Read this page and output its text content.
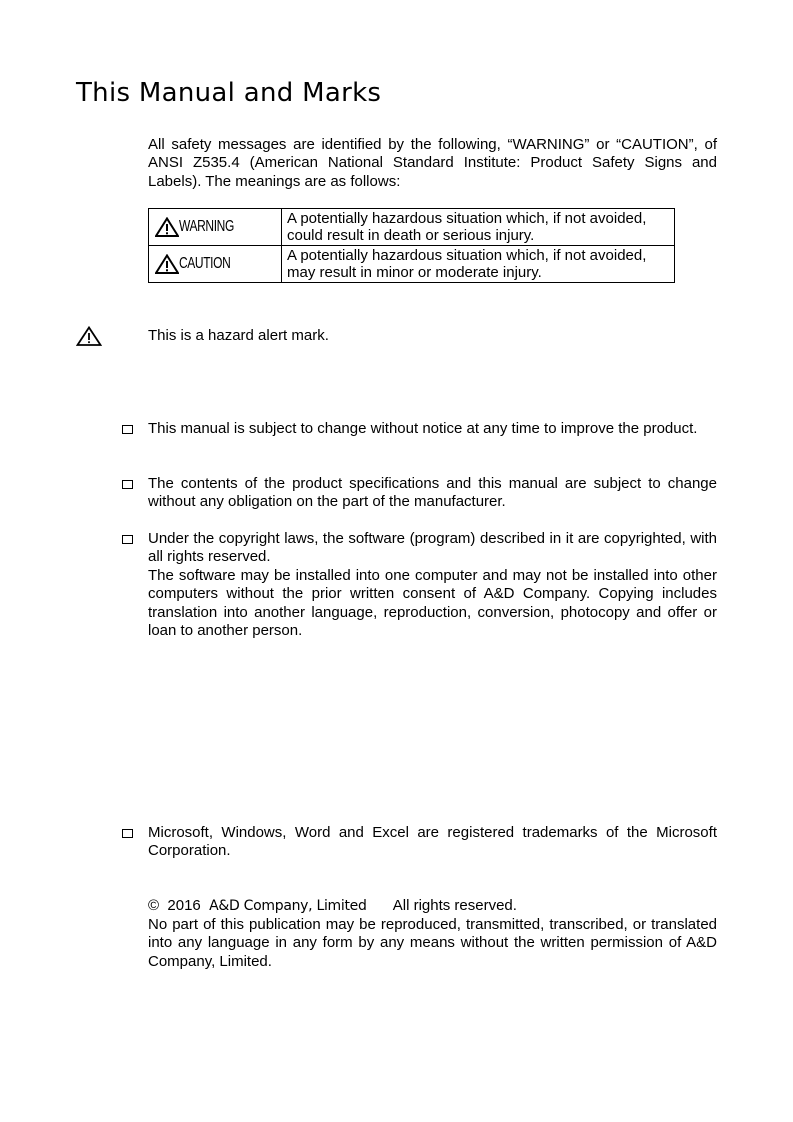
This Manual and Marks
All safety messages are identified by the following, “WARNING” or “CAUTION”, of ANSI Z535.4 (American National Standard Institute: Product Safety Signs and Labels). The meanings are as follows:
WARNING	A potentially hazardous situation which, if not avoided, could result in death or serious injury.
CAUTION	A potentially hazardous situation which, if not avoided, may result in minor or moderate injury.
This is a hazard alert mark.
This manual is subject to change without notice at any time to improve the product.
The contents of the product specifications and this manual are subject to change without any obligation on the part of the manufacturer.
Under the copyright laws, the software (program) described in it are copyrighted, with all rights reserved.
The software may be installed into one computer and may not be installed into other computers without the prior written consent of A&D Company. Copying includes translation into another language, reproduction, conversion, photocopy and offer or loan to another person.
Microsoft, Windows, Word and Excel are registered trademarks of the Microsoft Corporation.
© 2016 A&D Company, Limited All rights reserved.
No part of this publication may be reproduced, transmitted, transcribed, or translated into any language in any form by any means without the written permission of A&D Company, Limited.
